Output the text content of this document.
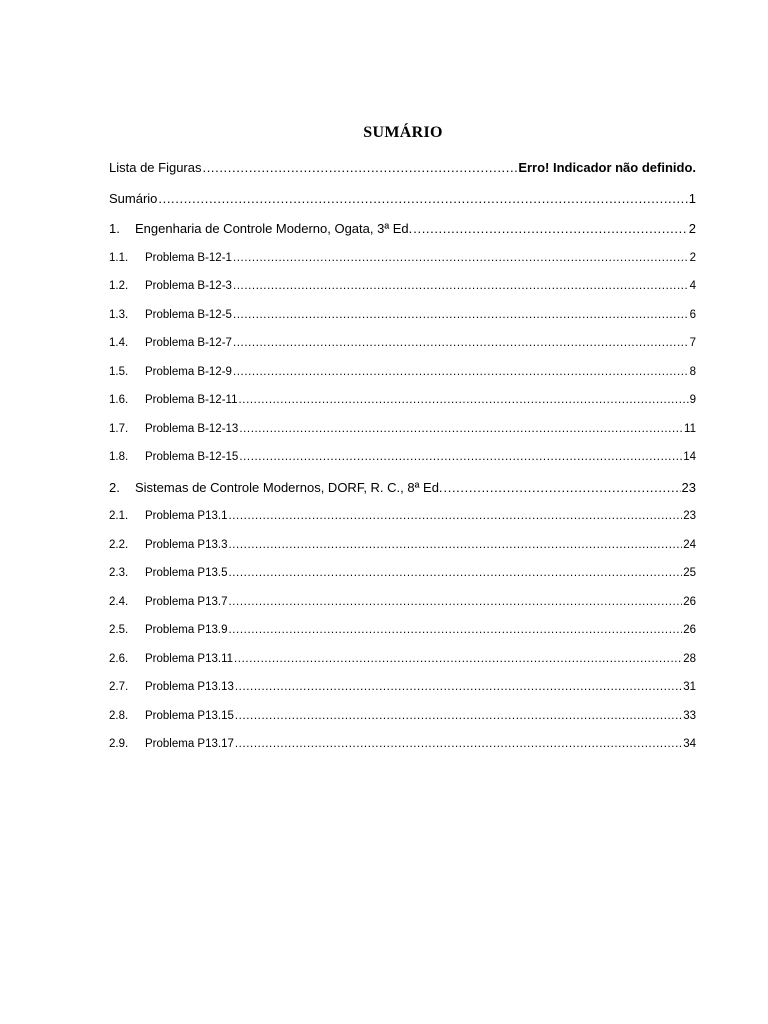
SUMÁRIO
Lista de Figuras .....	Erro! Indicador não definido.
Sumário .....	1
1.	Engenharia de Controle Moderno, Ogata, 3ª Ed. .....	2
1.1.	Problema B-12-1 .....	2
1.2.	Problema B-12-3 .....	4
1.3.	Problema B-12-5 .....	6
1.4.	Problema B-12-7 .....	7
1.5.	Problema B-12-9 .....	8
1.6.	Problema B-12-11 .....	9
1.7.	Problema B-12-13 .....	11
1.8.	Problema B-12-15 .....	14
2.	Sistemas de Controle Modernos, DORF, R. C., 8ª Ed. .....	23
2.1.	Problema P13.1 .....	23
2.2.	Problema P13.3 .....	24
2.3.	Problema P13.5 .....	25
2.4.	Problema P13.7 .....	26
2.5.	Problema P13.9 .....	26
2.6.	Problema P13.11 .....	28
2.7.	Problema P13.13 .....	31
2.8.	Problema P13.15 .....	33
2.9.	Problema P13.17 .....	34
